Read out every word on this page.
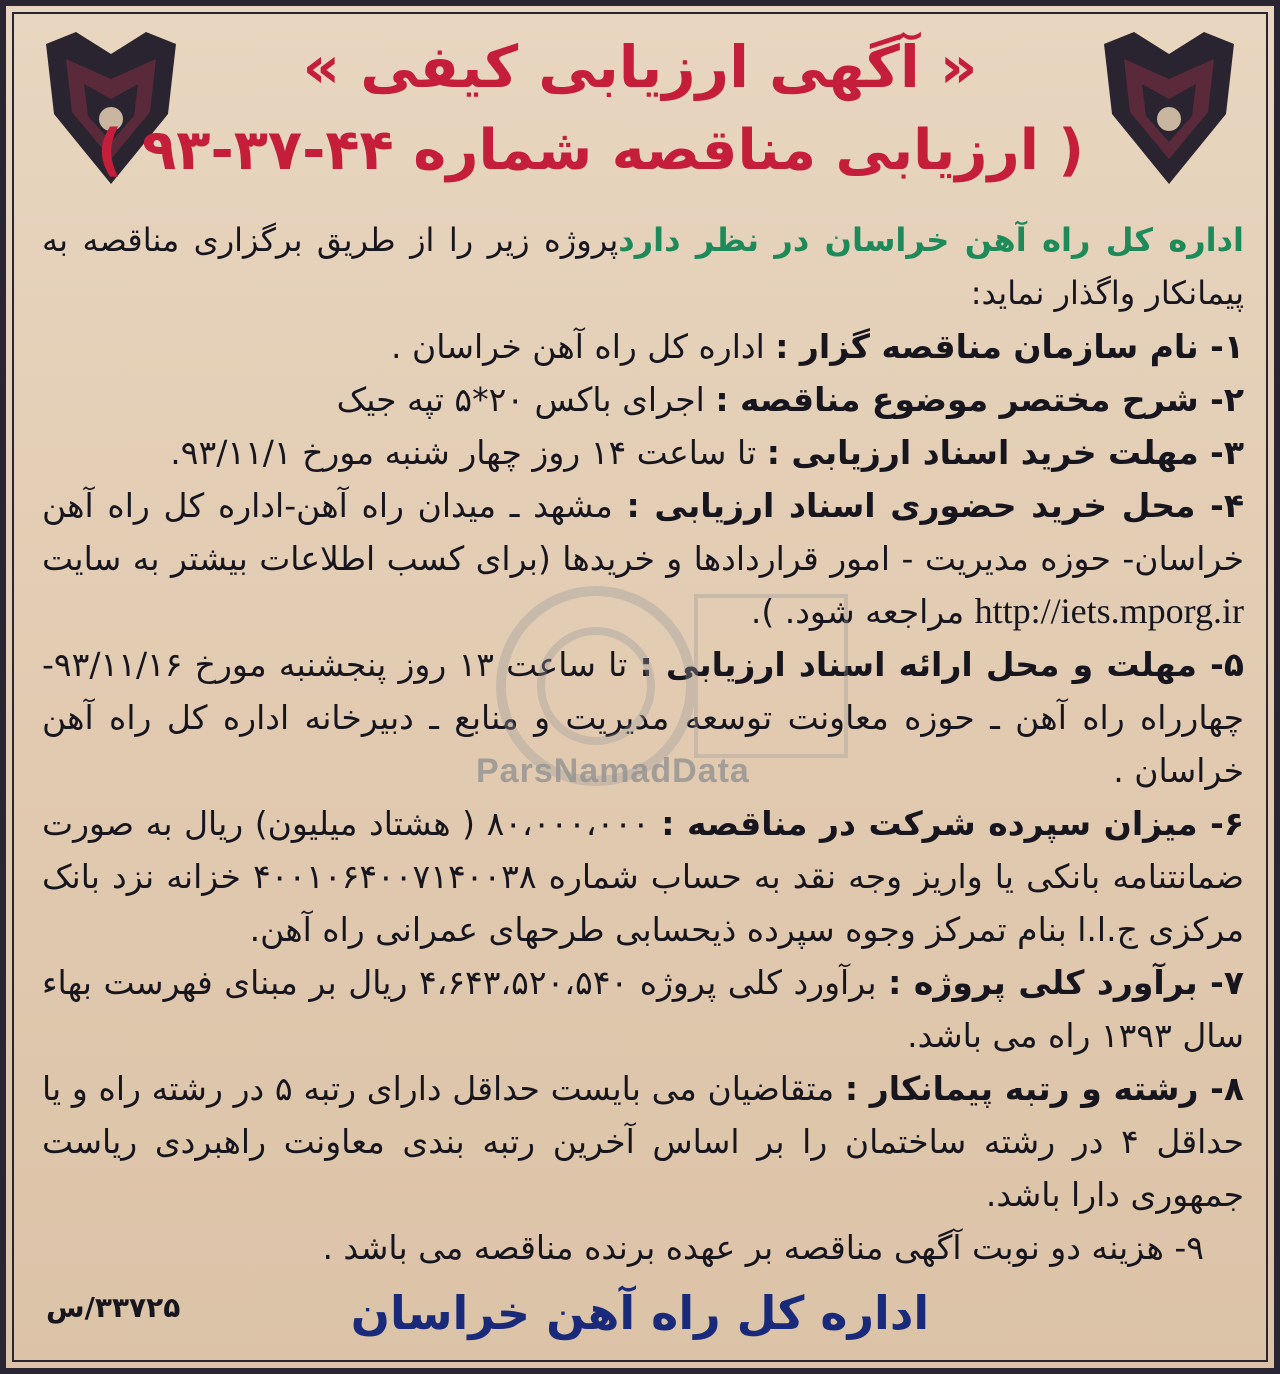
« آگهی ارزیابی کیفی »
( ارزیابی مناقصه شماره ۴۴-۳۷-۹۳ )

اداره کل راه آهن خراسان در نظر داردپروژه زیر را از طریق برگزاری مناقصه به پیمانکار واگذار نماید:

۱- نام سازمان مناقصه گزار : اداره کل راه آهن خراسان .

۲- شرح مختصر موضوع مناقصه : اجرای باکس ۲۰*۵ تپه جیک

۳- مهلت خرید اسناد ارزیابی : تا ساعت ۱۴ روز چهار شنبه مورخ ۹۳/۱۱/۱.

۴- محل خرید حضوری اسناد ارزیابی : مشهد ـ میدان راه آهن-اداره کل راه آهن خراسان- حوزه مدیریت - امور قراردادها و خریدها (برای کسب اطلاعات بیشتر به سایت http://iets.mporg.ir مراجعه شود. ).

۵- مهلت و محل ارائه اسناد ارزیابی : تا ساعت ۱۳ روز پنجشنبه مورخ ۹۳/۱۱/۱۶- چهارراه راه آهن ـ حوزه معاونت توسعه مدیریت و منابع ـ دبیرخانه اداره کل راه آهن خراسان .

۶- میزان سپرده شرکت در مناقصه : ۸۰،۰۰۰،۰۰۰ ( هشتاد میلیون) ریال به صورت ضمانتنامه بانکی یا واریز وجه نقد به حساب شماره ۴۰۰۱۰۶۴۰۰۷۱۴۰۰۳۸ خزانه نزد بانک مرکزی ج.ا.ا بنام تمرکز وجوه سپرده ذیحسابی طرحهای عمرانی راه آهن.

۷- برآورد کلی پروژه : برآورد کلی پروژه ۴،۶۴۳،۵۲۰،۵۴۰ ریال بر مبنای فهرست بهاء سال ۱۳۹۳ راه می باشد.

۸- رشته و رتبه پیمانکار : متقاضیان می بایست حداقل دارای رتبه ۵ در رشته راه و یا حداقل ۴ در رشته ساختمان را بر اساس آخرین رتبه بندی معاونت راهبردی ریاست جمهوری دارا باشد.

۹- هزینه دو نوبت آگهی مناقصه بر عهده برنده مناقصه می باشد .

ParsNamadData
اداره کل راه آهن خراسان
۳۳۷۲۵/س
